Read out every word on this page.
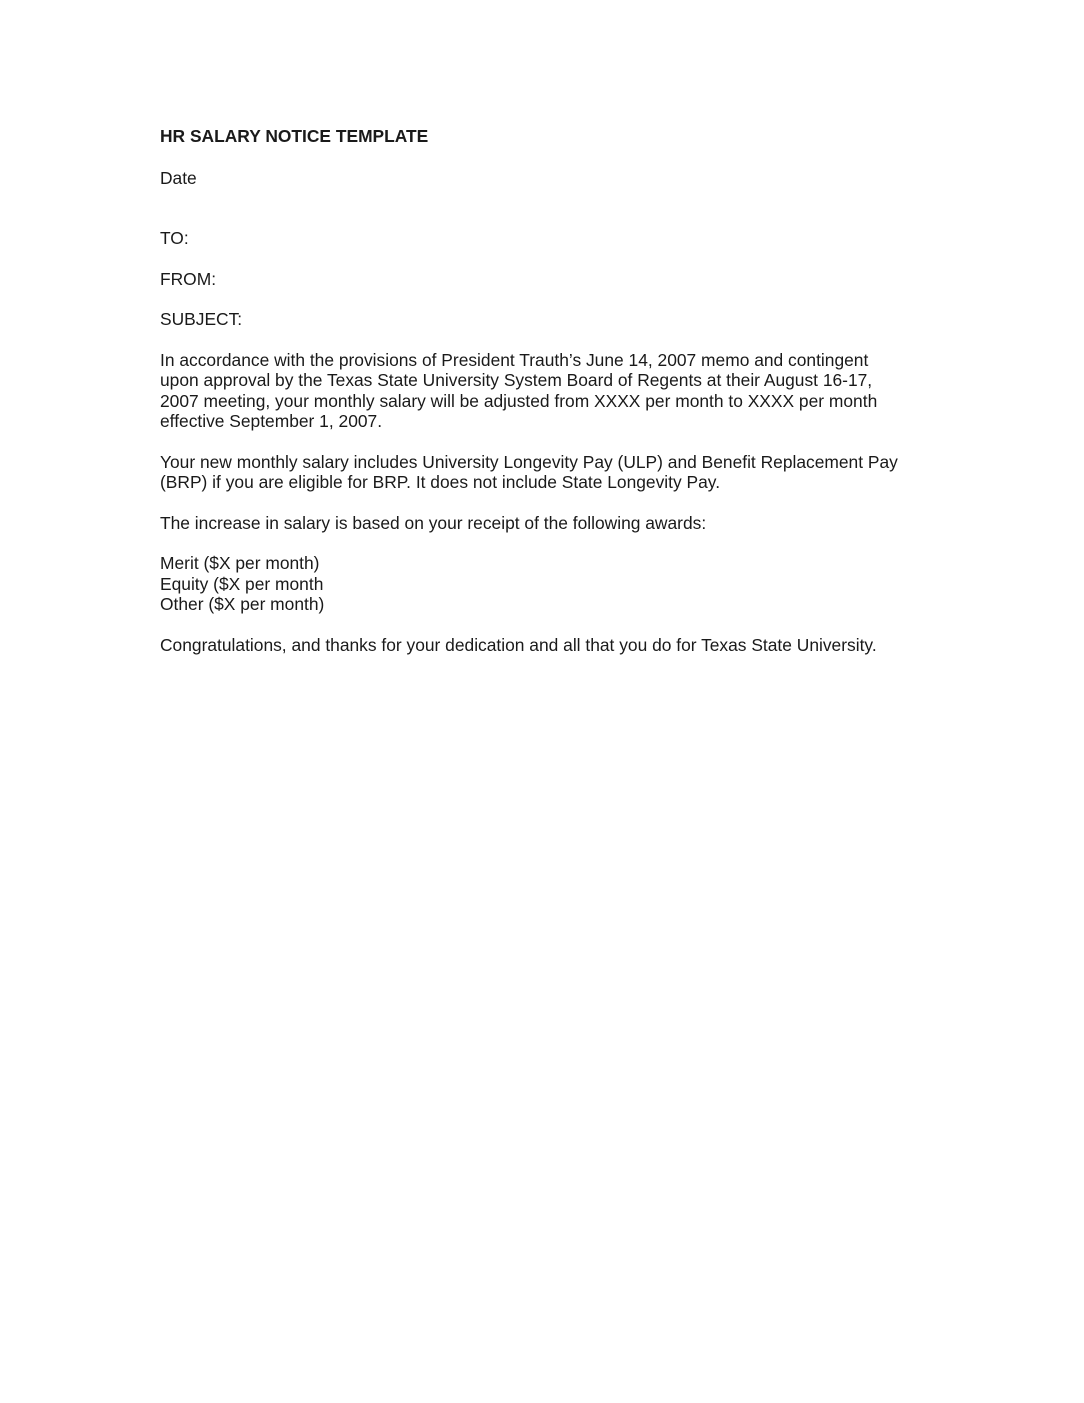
HR SALARY NOTICE TEMPLATE

Date

TO:

FROM:

SUBJECT:

In accordance with the provisions of President Trauth’s June 14, 2007 memo and contingent
upon approval by the Texas State University System Board of Regents at their August 16-17,
2007 meeting, your monthly salary will be adjusted from XXXX per month to XXXX per month
effective September 1, 2007.

Your new monthly salary includes University Longevity Pay (ULP) and Benefit Replacement Pay
(BRP) if you are eligible for BRP. It does not include State Longevity Pay.

The increase in salary is based on your receipt of the following awards:

Merit ($X per month)

Equity ($X per month

Other ($X per month)

Congratulations, and thanks for your dedication and all that you do for Texas State University.
